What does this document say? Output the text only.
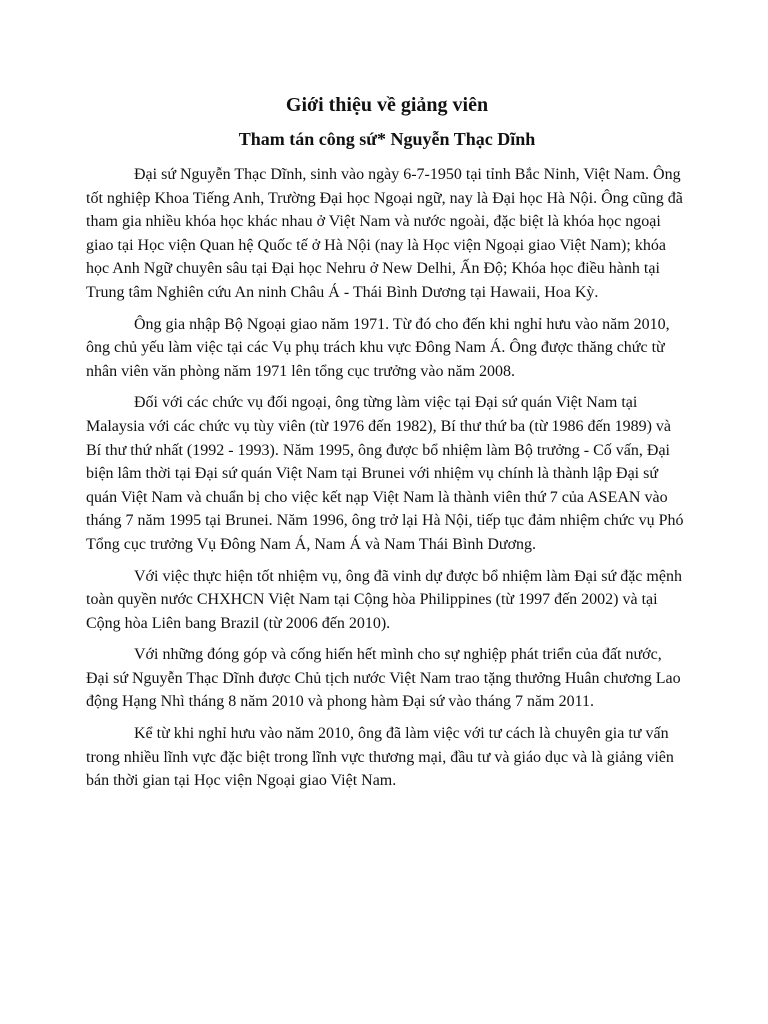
Giới thiệu về giảng viên
Tham tán công sứ* Nguyễn Thạc Dĩnh

Đại sứ Nguyễn Thạc Dĩnh, sinh vào ngày 6-7-1950 tại tỉnh Bắc Ninh, Việt Nam. Ông tốt nghiệp Khoa Tiếng Anh, Trường Đại học Ngoại ngữ, nay là Đại học Hà Nội. Ông cũng đã tham gia nhiều khóa học khác nhau ở Việt Nam và nước ngoài, đặc biệt là khóa học ngoại giao tại Học viện Quan hệ Quốc tế ở Hà Nội (nay là Học viện Ngoại giao Việt Nam); khóa học Anh Ngữ chuyên sâu tại Đại học Nehru ở New Delhi, Ấn Độ; Khóa học điều hành tại Trung tâm Nghiên cứu An ninh Châu Á - Thái Bình Dương tại Hawaii, Hoa Kỳ.

Ông gia nhập Bộ Ngoại giao năm 1971. Từ đó cho đến khi nghỉ hưu vào năm 2010, ông chủ yếu làm việc tại các Vụ phụ trách khu vực Đông Nam Á. Ông được thăng chức từ nhân viên văn phòng năm 1971 lên tổng cục trưởng vào năm 2008.

Đối với các chức vụ đối ngoại, ông từng làm việc tại Đại sứ quán Việt Nam tại Malaysia với các chức vụ tùy viên (từ 1976 đến 1982), Bí thư thứ ba (từ 1986 đến 1989) và Bí thư thứ nhất (1992 - 1993). Năm 1995, ông được bổ nhiệm làm Bộ trưởng - Cố vấn, Đại biện lâm thời tại Đại sứ quán Việt Nam tại Brunei với nhiệm vụ chính là thành lập Đại sứ quán Việt Nam và chuẩn bị cho việc kết nạp Việt Nam là thành viên thứ 7 của ASEAN vào tháng 7 năm 1995 tại Brunei. Năm 1996, ông trở lại Hà Nội, tiếp tục đảm nhiệm chức vụ Phó Tổng cục trưởng Vụ Đông Nam Á, Nam Á và Nam Thái Bình Dương.

Với việc thực hiện tốt nhiệm vụ, ông đã vinh dự được bổ nhiệm làm Đại sứ đặc mệnh toàn quyền nước CHXHCN Việt Nam tại Cộng hòa Philippines (từ 1997 đến 2002) và tại Cộng hòa Liên bang Brazil (từ 2006 đến 2010).

Với những đóng góp và cống hiến hết mình cho sự nghiệp phát triển của đất nước, Đại sứ Nguyễn Thạc Dĩnh được Chủ tịch nước Việt Nam trao tặng thưởng Huân chương Lao động Hạng Nhì tháng 8 năm 2010 và phong hàm Đại sứ vào tháng 7 năm 2011.

Kể từ khi nghỉ hưu vào năm 2010, ông đã làm việc với tư cách là chuyên gia tư vấn trong nhiều lĩnh vực đặc biệt trong lĩnh vực thương mại, đầu tư và giáo dục và là giảng viên bán thời gian tại Học viện Ngoại giao Việt Nam.
